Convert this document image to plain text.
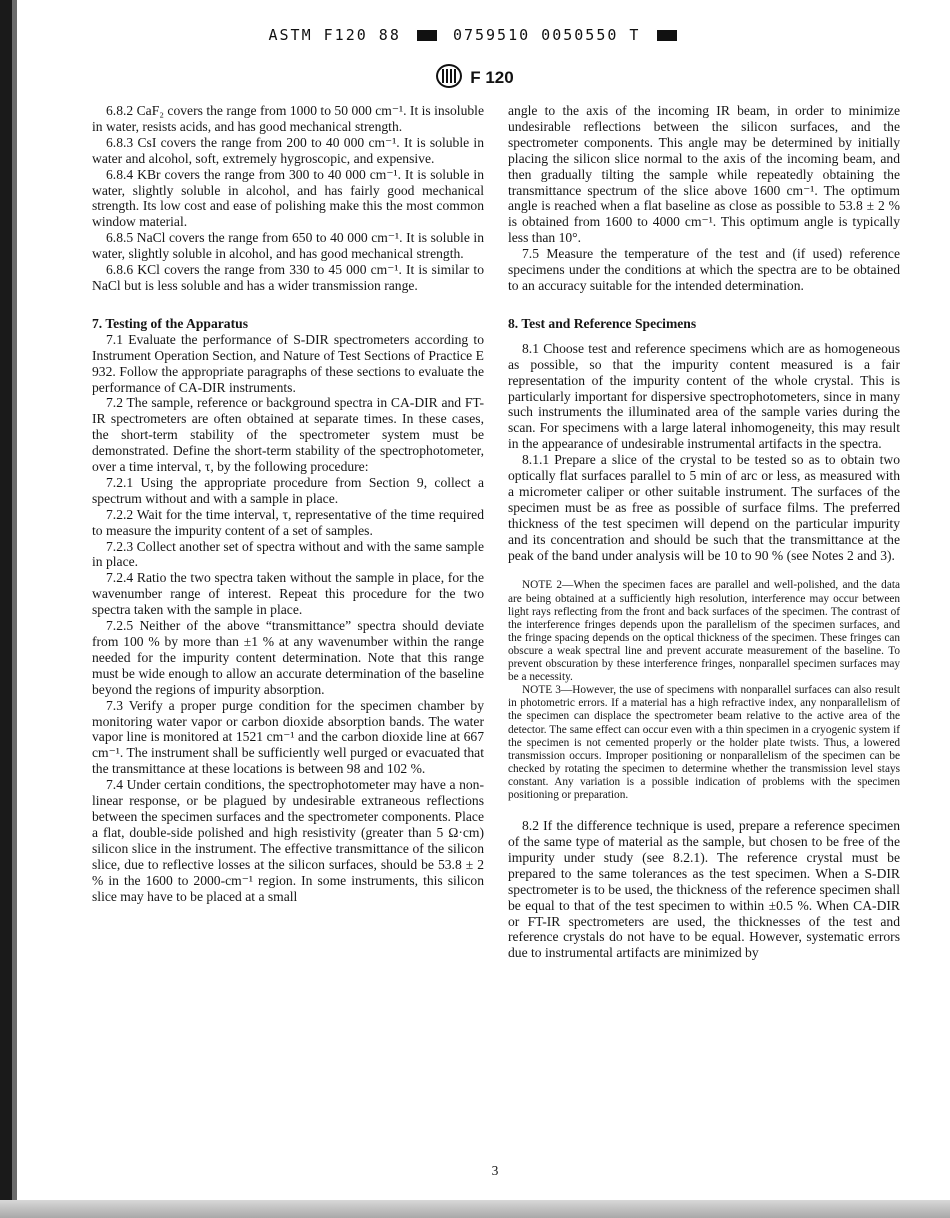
ASTM F120 88	0759510 0050550 T
F 120

6.8.2 CaF₂ covers the range from 1000 to 50 000 cm⁻¹. It is insoluble in water, resists acids, and has good mechanical strength.

6.8.3 CsI covers the range from 200 to 40 000 cm⁻¹. It is soluble in water and alcohol, soft, extremely hygroscopic, and expensive.

6.8.4 KBr covers the range from 300 to 40 000 cm⁻¹. It is soluble in water, slightly soluble in alcohol, and has fairly good mechanical strength. Its low cost and ease of polishing make this the most common window material.

6.8.5 NaCl covers the range from 650 to 40 000 cm⁻¹. It is soluble in water, slightly soluble in alcohol, and has good mechanical strength.

6.8.6 KCl covers the range from 330 to 45 000 cm⁻¹. It is similar to NaCl but is less soluble and has a wider transmission range.

7. Testing of the Apparatus

7.1 Evaluate the performance of S-DIR spectrometers according to Instrument Operation Section, and Nature of Test Sections of Practice E 932. Follow the appropriate paragraphs of these sections to evaluate the performance of CA-DIR instruments.

7.2 The sample, reference or background spectra in CA-DIR and FT-IR spectrometers are often obtained at separate times. In these cases, the short-term stability of the spectrometer system must be demonstrated. Define the short-term stability of the spectrophotometer, over a time interval, τ, by the following procedure:

7.2.1 Using the appropriate procedure from Section 9, collect a spectrum without and with a sample in place.

7.2.2 Wait for the time interval, τ, representative of the time required to measure the impurity content of a set of samples.

7.2.3 Collect another set of spectra without and with the same sample in place.

7.2.4 Ratio the two spectra taken without the sample in place, for the wavenumber range of interest. Repeat this procedure for the two spectra taken with the sample in place.

7.2.5 Neither of the above “transmittance” spectra should deviate from 100 % by more than ±1 % at any wavenumber within the range needed for the impurity content determination. Note that this range must be wide enough to allow an accurate determination of the baseline beyond the regions of impurity absorption.

7.3 Verify a proper purge condition for the specimen chamber by monitoring water vapor or carbon dioxide absorption bands. The water vapor line is monitored at 1521 cm⁻¹ and the carbon dioxide line at 667 cm⁻¹. The instrument shall be sufficiently well purged or evacuated that the transmittance at these locations is between 98 and 102 %.

7.4 Under certain conditions, the spectrophotometer may have a non-linear response, or be plagued by undesirable extraneous reflections between the specimen surfaces and the spectrometer components. Place a flat, double-side polished and high resistivity (greater than 5 Ω·cm) silicon slice in the instrument. The effective transmittance of the silicon slice, due to reflective losses at the silicon surfaces, should be 53.8 ± 2 % in the 1600 to 2000-cm⁻¹ region. In some instruments, this silicon slice may have to be placed at a small

angle to the axis of the incoming IR beam, in order to minimize undesirable reflections between the silicon surfaces, and the spectrometer components. This angle may be determined by initially placing the silicon slice normal to the axis of the incoming beam, and then gradually tilting the sample while repeatedly obtaining the transmittance spectrum of the slice above 1600 cm⁻¹. The optimum angle is reached when a flat baseline as close as possible to 53.8 ± 2 % is obtained from 1600 to 4000 cm⁻¹. This optimum angle is typically less than 10°.

7.5 Measure the temperature of the test and (if used) reference specimens under the conditions at which the spectra are to be obtained to an accuracy suitable for the intended determination.

8. Test and Reference Specimens

8.1 Choose test and reference specimens which are as homogeneous as possible, so that the impurity content measured is a fair representation of the impurity content of the whole crystal. This is particularly important for dispersive spectrophotometers, since in many such instruments the illuminated area of the sample varies during the scan. For specimens with a large lateral inhomogeneity, this may result in the appearance of undesirable instrumental artifacts in the spectra.

8.1.1 Prepare a slice of the crystal to be tested so as to obtain two optically flat surfaces parallel to 5 min of arc or less, as measured with a micrometer caliper or other suitable instrument. The surfaces of the specimen must be as free as possible of surface films. The preferred thickness of the test specimen will depend on the particular impurity and its concentration and should be such that the transmittance at the peak of the band under analysis will be 10 to 90 % (see Notes 2 and 3).

NOTE 2—When the specimen faces are parallel and well-polished, and the data are being obtained at a sufficiently high resolution, interference may occur between light rays reflecting from the front and back surfaces of the specimen. The contrast of the interference fringes depends upon the parallelism of the specimen surfaces, and the fringe spacing depends on the optical thickness of the specimen. These fringes can obscure a weak spectral line and prevent accurate measurement of the baseline. To prevent obscuration by these interference fringes, nonparallel specimen surfaces may be a necessity.

NOTE 3—However, the use of specimens with nonparallel surfaces can also result in photometric errors. If a material has a high refractive index, any nonparallelism of the specimen can displace the spectrometer beam relative to the active area of the detector. The same effect can occur even with a thin specimen in a cryogenic system if the specimen is not cemented properly or the holder plate twists. Thus, a lowered transmission occurs. Improper positioning or nonparallelism of the specimen can be checked by rotating the specimen to determine whether the transmission level stays constant. Any variation is a possible indication of problems with the specimen positioning or preparation.

8.2 If the difference technique is used, prepare a reference specimen of the same type of material as the sample, but chosen to be free of the impurity under study (see 8.2.1). The reference crystal must be prepared to the same tolerances as the test specimen. When a S-DIR spectrometer is to be used, the thickness of the reference specimen shall be equal to that of the test specimen to within ±0.5 %. When CA-DIR or FT-IR spectrometers are used, the thicknesses of the test and reference crystals do not have to be equal. However, systematic errors due to instrumental artifacts are minimized by

3
